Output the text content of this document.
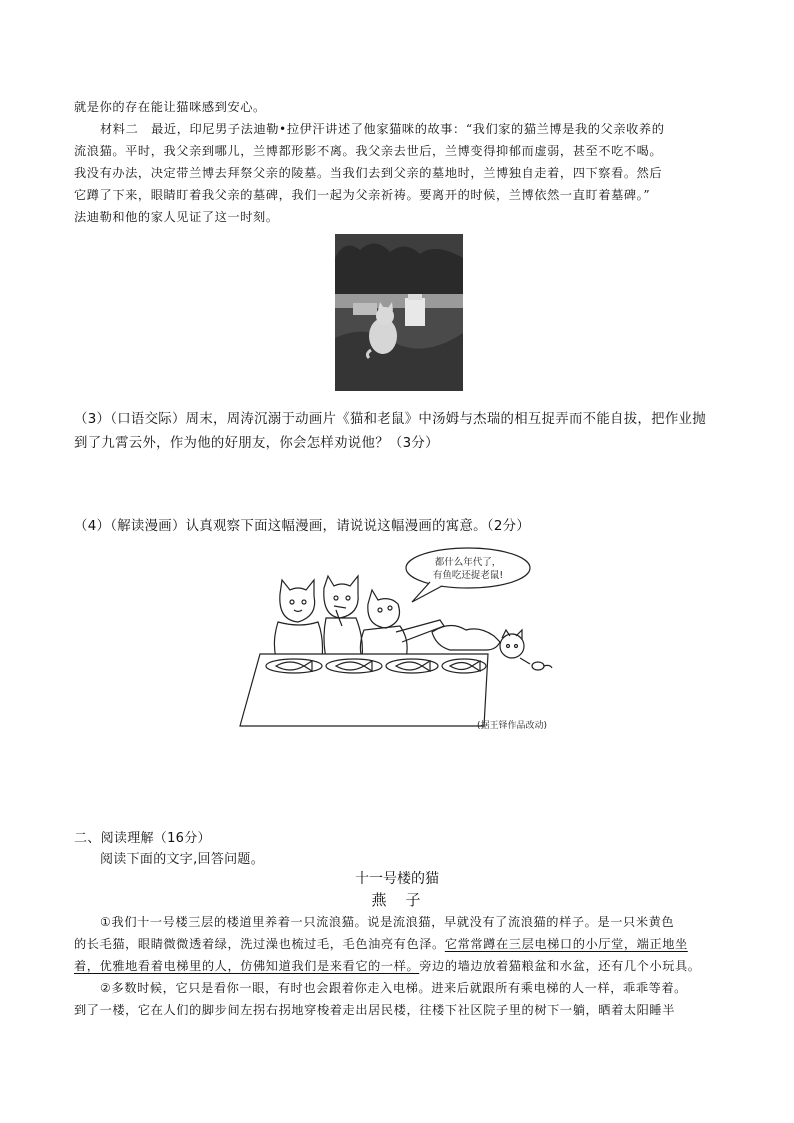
就是你的存在能让猫咪感到安心。
材料二　最近，印尼男子法迪勒•拉伊汗讲述了他家猫咪的故事：“我们家的猫兰博是我的父亲收养的
流浪猫。平时，我父亲到哪儿，兰博都形影不离。我父亲去世后，兰博变得抑郁而虚弱，甚至不吃不喝。
我没有办法，决定带兰博去拜祭父亲的陵墓。当我们去到父亲的墓地时，兰博独自走着，四下察看。然后
它蹲了下来，眼睛盯着我父亲的墓碑，我们一起为父亲祈祷。要离开的时候，兰博依然一直盯着墓碑。”
法迪勒和他的家人见证了这一时刻。
（3）（口语交际）周末，周涛沉溺于动画片《猫和老鼠》中汤姆与杰瑞的相互捉弄而不能自拔，把作业抛
到了九霄云外，作为他的好朋友，你会怎样劝说他？（3分）
（4）（解读漫画）认真观察下面这幅漫画，请说说这幅漫画的寓意。（2分）
都什么年代了，
有鱼吃还捉老鼠!
(据王铎作品改动)
二、阅读理解（16分）
阅读下面的文字,回答问题。
十一号楼的猫
燕　子
①我们十一号楼三层的楼道里养着一只流浪猫。说是流浪猫，早就没有了流浪猫的样子。是一只米黄色
的长毛猫，眼睛微微透着绿，洗过澡也梳过毛，毛色油亮有色泽。它常常蹲在三层电梯口的小厅堂，端正地坐
着，优雅地看着电梯里的人，仿佛知道我们是来看它的一样。旁边的墙边放着猫粮盆和水盆，还有几个小玩具。
②多数时候，它只是看你一眼，有时也会跟着你走入电梯。进来后就跟所有乘电梯的人一样，乖乖等着。
到了一楼，它在人们的脚步间左拐右拐地穿梭着走出居民楼，往楼下社区院子里的树下一躺，晒着太阳睡半
